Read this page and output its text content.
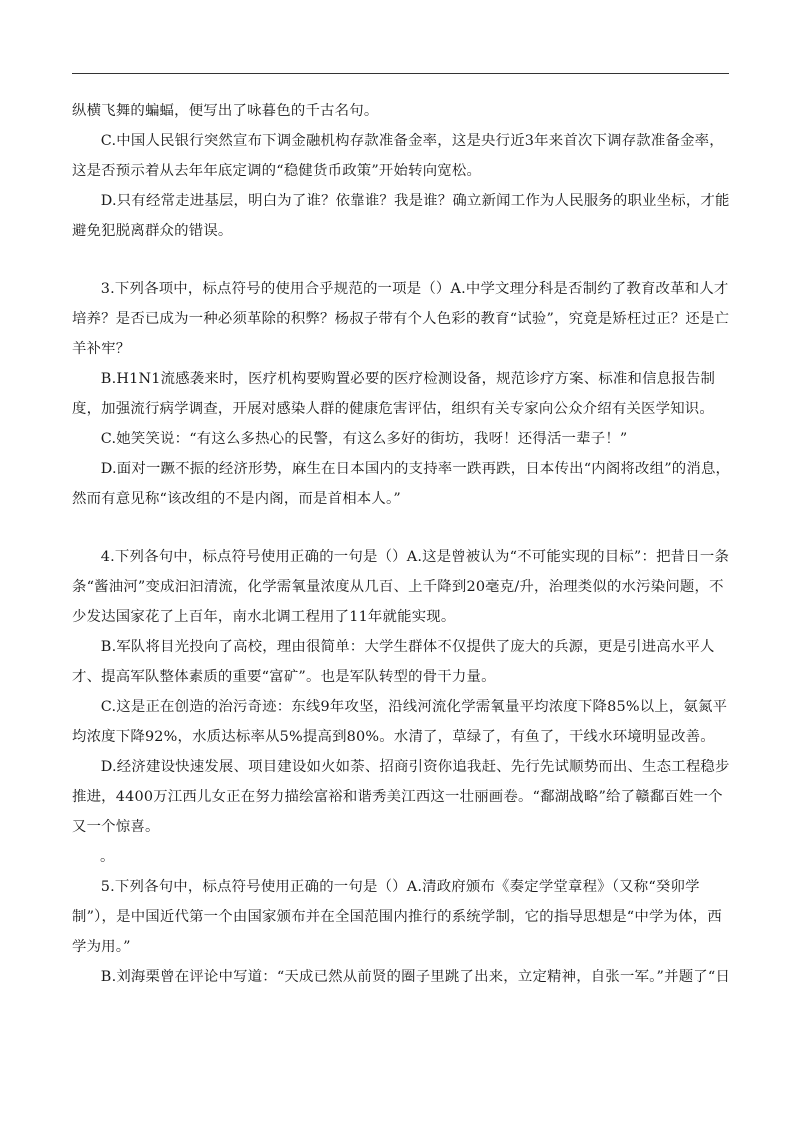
纵横飞舞的蝙蝠，便写出了咏暮色的千古名句。

C.中国人民银行突然宣布下调金融机构存款准备金率，这是央行近3年来首次下调存款准备金率，这是否预示着从去年年底定调的“稳健货币政策”开始转向宽松。

D.只有经常走进基层，明白为了谁？依靠谁？我是谁？确立新闻工作为人民服务的职业坐标，才能避免犯脱离群众的错误。

3.下列各项中，标点符号的使用合乎规范的一项是（）A.中学文理分科是否制约了教育改革和人才培养？是否已成为一种必须革除的积弊？杨叔子带有个人色彩的教育“试验”，究竟是矫枉过正？还是亡羊补牢？

B.H1N1流感袭来时，医疗机构要购置必要的医疗检测设备，规范诊疗方案、标准和信息报告制度，加强流行病学调查，开展对感染人群的健康危害评估，组织有关专家向公众介绍有关医学知识。

C.她笑笑说：“有这么多热心的民警，有这么多好的街坊，我呀！还得活一辈子！”

D.面对一蹶不振的经济形势，麻生在日本国内的支持率一跌再跌，日本传出“内阁将改组”的消息，然而有意见称“该改组的不是内阁，而是首相本人。”

4.下列各句中，标点符号使用正确的一句是（）A.这是曾被认为“不可能实现的目标”：把昔日一条条“酱油河”变成汩汩清流，化学需氧量浓度从几百、上千降到20毫克/升，治理类似的水污染问题，不少发达国家花了上百年，南水北调工程用了11年就能实现。

B.军队将目光投向了高校，理由很简单：大学生群体不仅提供了庞大的兵源，更是引进高水平人才、提高军队整体素质的重要“富矿”。也是军队转型的骨干力量。

C.这是正在创造的治污奇迹：东线9年攻坚，沿线河流化学需氧量平均浓度下降85%以上，氨氮平均浓度下降92%，水质达标率从5%提高到80%。水清了，草绿了，有鱼了，干线水环境明显改善。

D.经济建设快速发展、项目建设如火如荼、招商引资你追我赶、先行先试顺势而出、生态工程稳步推进，4400万江西儿女正在努力描绘富裕和谐秀美江西这一壮丽画卷。“鄱湖战略”给了赣鄱百姓一个又一个惊喜。

。

5.下列各句中，标点符号使用正确的一句是（）A.清政府颁布《奏定学堂章程》（又称“癸卯学制”），是中国近代第一个由国家颁布并在全国范围内推行的系统学制，它的指导思想是“中学为体，西学为用。”

B.刘海栗曾在评论中写道：“天成已然从前贤的圈子里跳了出来，立定精神，自张一军。”并题了“日
